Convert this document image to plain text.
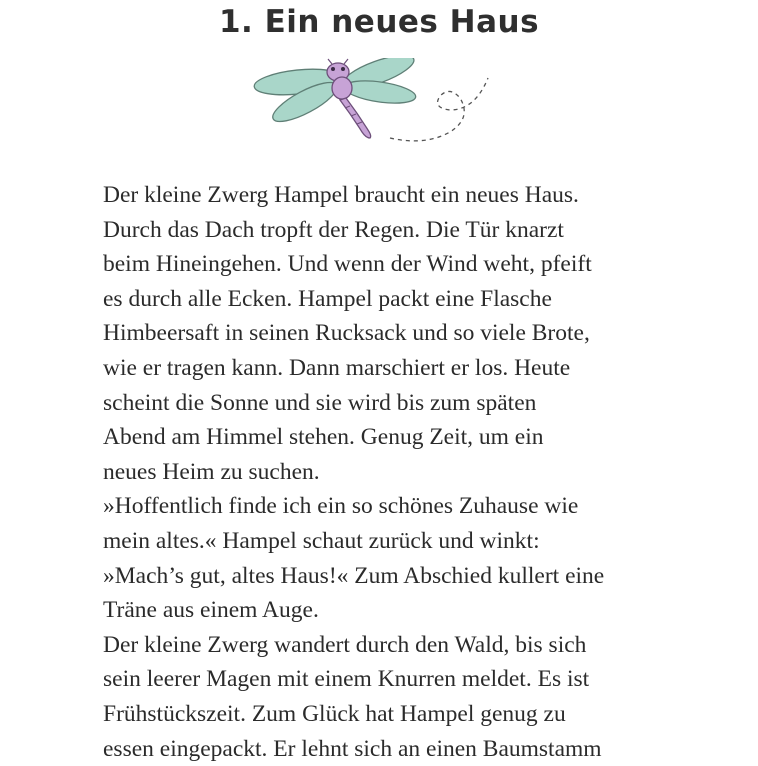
1. Ein neues Haus
Der kleine Zwerg Hampel braucht ein neues Haus.
Durch das Dach tropft der Regen. Die Tür knarzt
beim Hineingehen. Und wenn der Wind weht, pfeift
es durch alle Ecken. Hampel packt eine Flasche
Himbeersaft in seinen Rucksack und so viele Brote,
wie er tragen kann. Dann marschiert er los. Heute
scheint die Sonne und sie wird bis zum späten
Abend am Himmel stehen. Genug Zeit, um ein
neues Heim zu suchen.
»Hoffentlich finde ich ein so schönes Zuhause wie
mein altes.« Hampel schaut zurück und winkt:
»Mach’s gut, altes Haus!« Zum Abschied kullert eine
Träne aus einem Auge.
Der kleine Zwerg wandert durch den Wald, bis sich
sein leerer Magen mit einem Knurren meldet. Es ist
Frühstückszeit. Zum Glück hat Hampel genug zu
essen eingepackt. Er lehnt sich an einen Baumstamm
